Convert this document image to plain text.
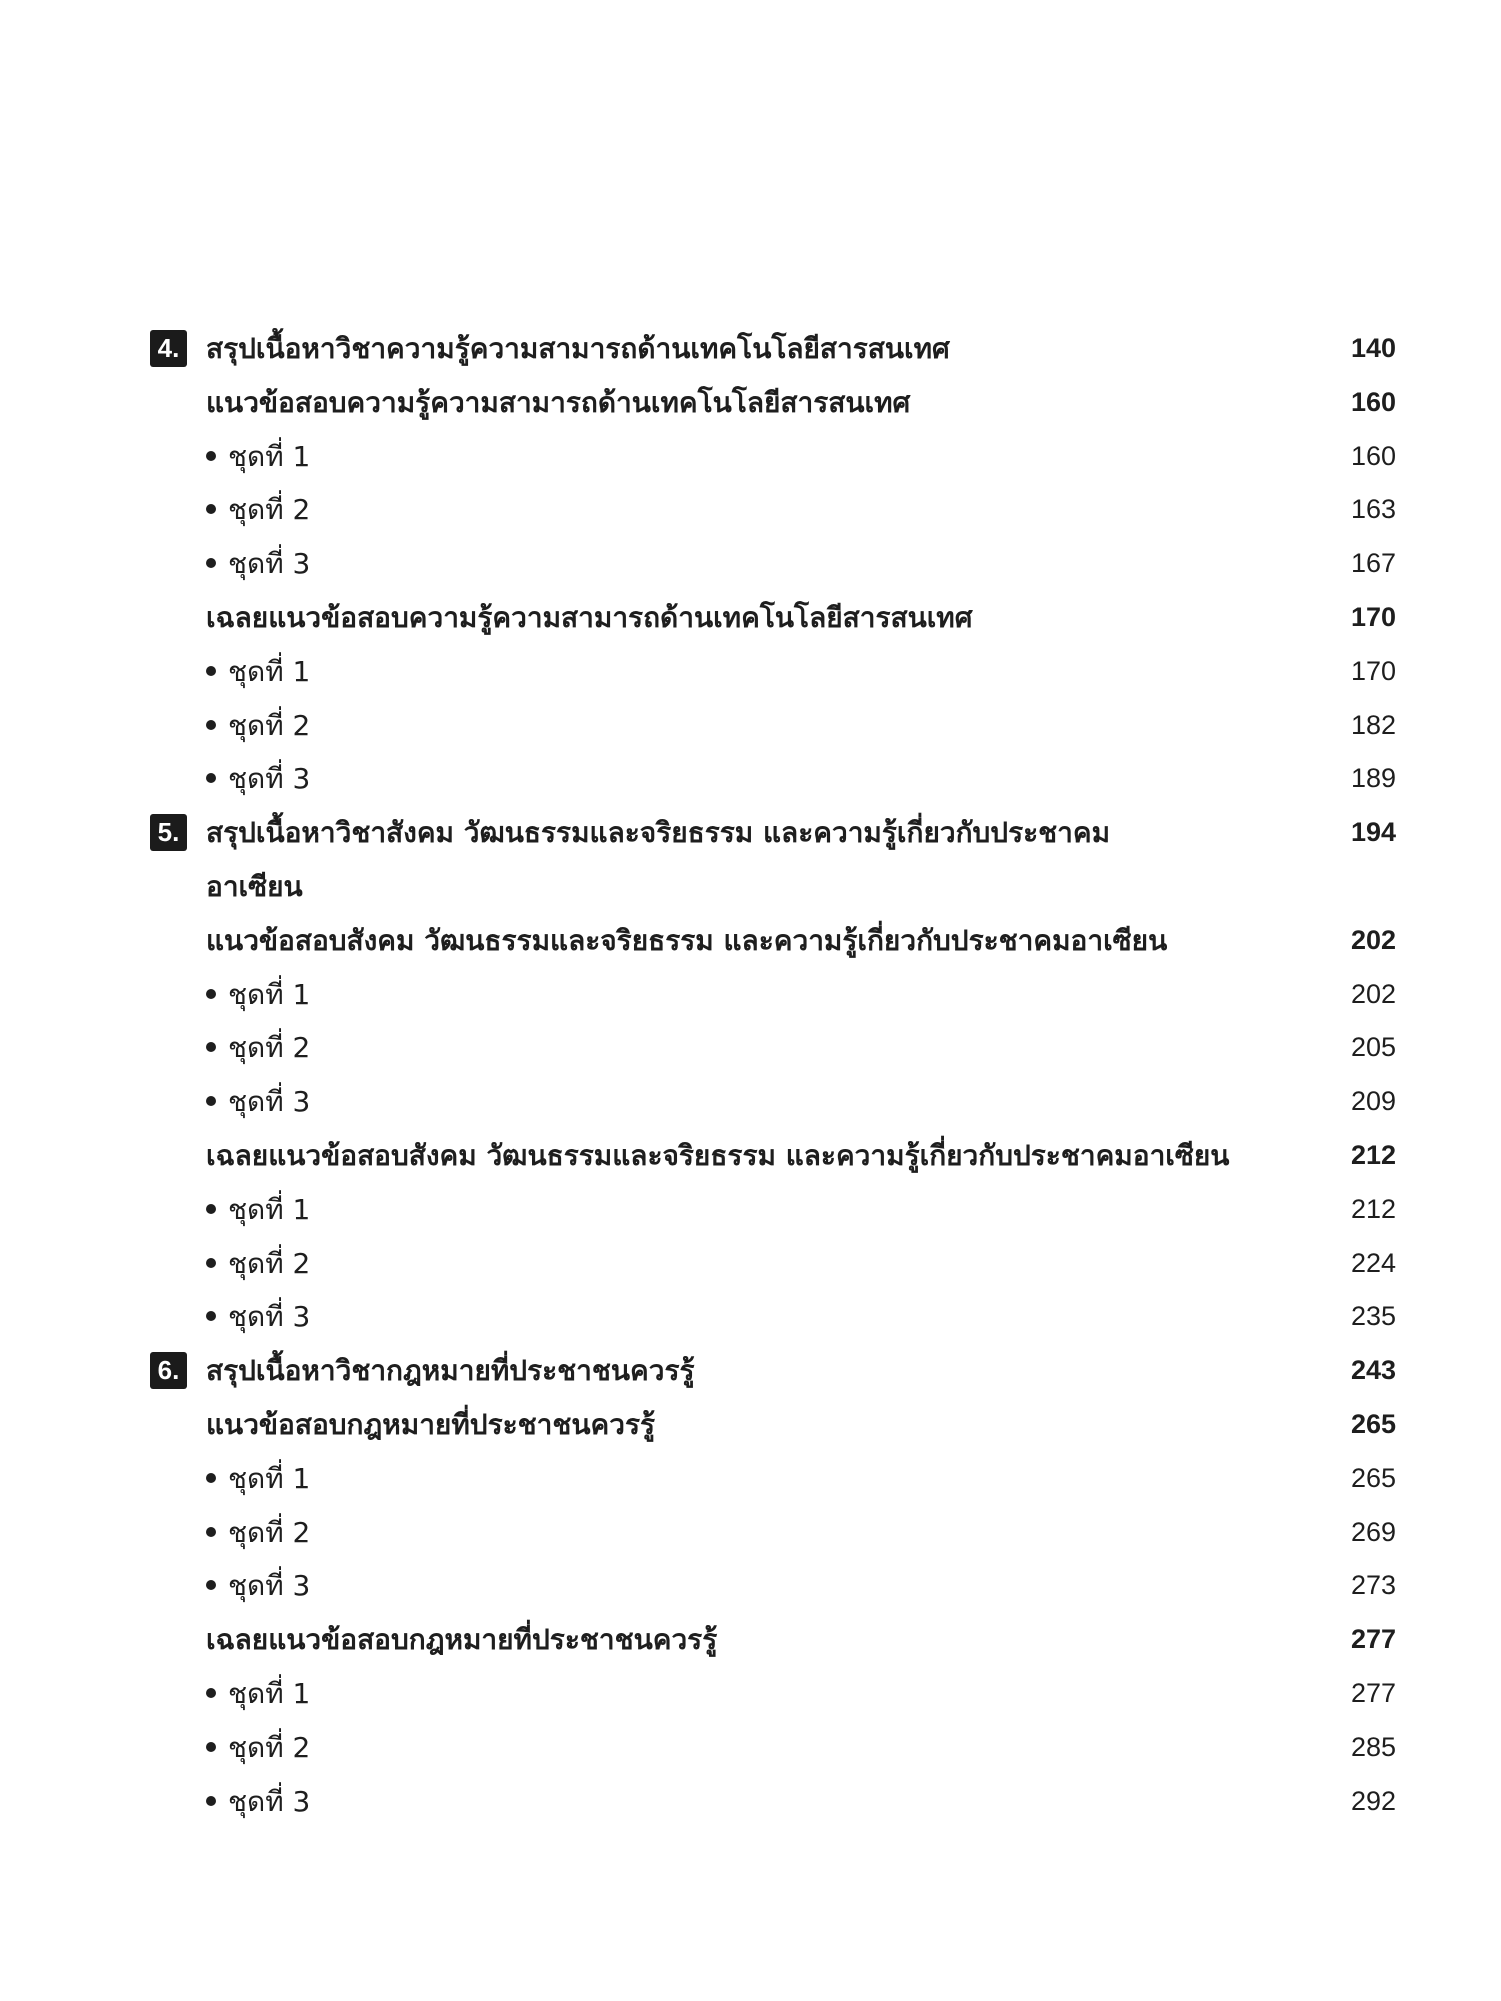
4. สรุปเนื้อหาวิชาความรู้ความสามารถด้านเทคโนโลยีสารสนเทศ	140
แนวข้อสอบความรู้ความสามารถด้านเทคโนโลยีสารสนเทศ	160
ชุดที่ 1	160
ชุดที่ 2	163
ชุดที่ 3	167
เฉลยแนวข้อสอบความรู้ความสามารถด้านเทคโนโลยีสารสนเทศ	170
ชุดที่ 1	170
ชุดที่ 2	182
ชุดที่ 3	189
5. สรุปเนื้อหาวิชาสังคม วัฒนธรรมและจริยธรรม และความรู้เกี่ยวกับประชาคม	194
อาเซียน
แนวข้อสอบสังคม วัฒนธรรมและจริยธรรม และความรู้เกี่ยวกับประชาคมอาเซียน	202
ชุดที่ 1	202
ชุดที่ 2	205
ชุดที่ 3	209
เฉลยแนวข้อสอบสังคม วัฒนธรรมและจริยธรรม และความรู้เกี่ยวกับประชาคมอาเซียน	212
ชุดที่ 1	212
ชุดที่ 2	224
ชุดที่ 3	235
6. สรุปเนื้อหาวิชากฎหมายที่ประชาชนควรรู้	243
แนวข้อสอบกฎหมายที่ประชาชนควรรู้	265
ชุดที่ 1	265
ชุดที่ 2	269
ชุดที่ 3	273
เฉลยแนวข้อสอบกฎหมายที่ประชาชนควรรู้	277
ชุดที่ 1	277
ชุดที่ 2	285
ชุดที่ 3	292
